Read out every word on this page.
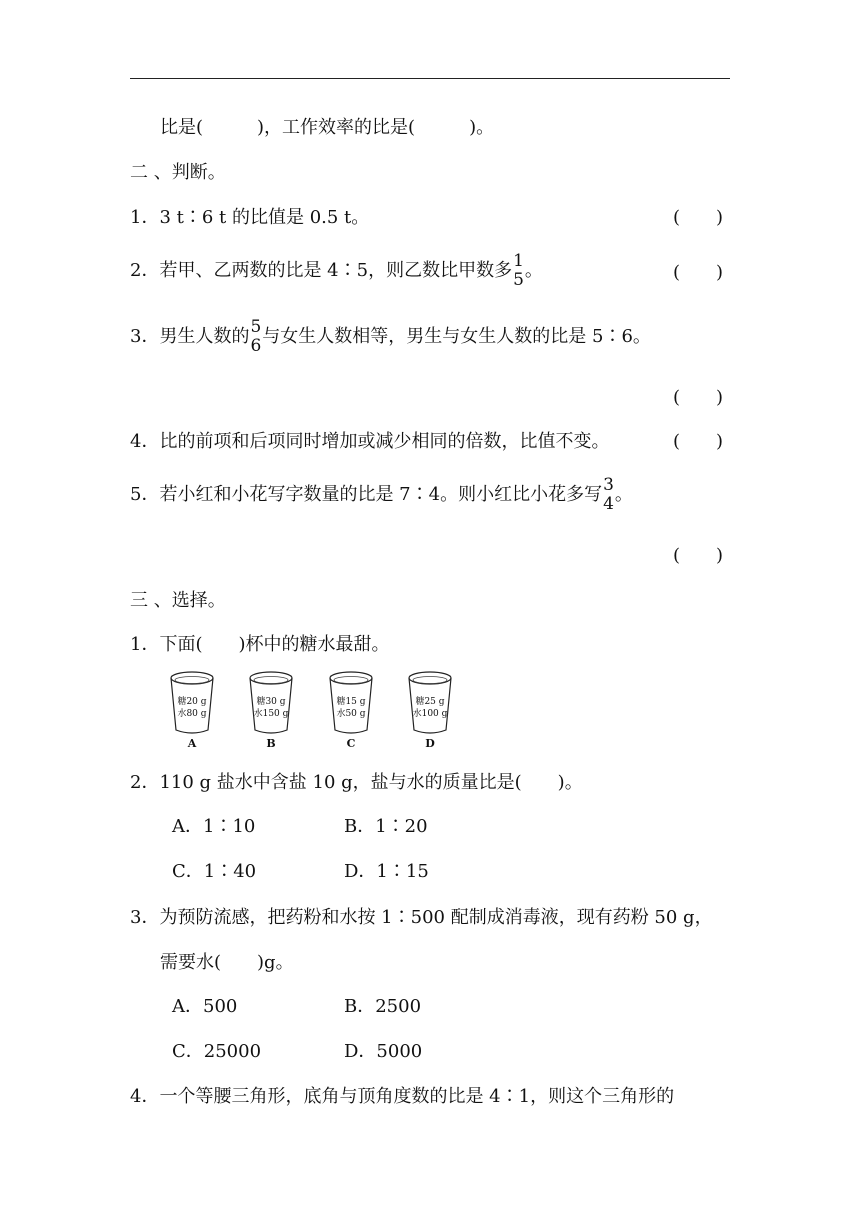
比是(　　　)，工作效率的比是(　　　)。
二 、判断。
1．3 t∶6 t 的比值是 0.5 t。	(　　)
2．若甲、乙两数的比是 4∶5，则乙数比甲数多 1
5 。	(　　)
3．男生人数的 5
6 与女生人数相等，男生与女生人数的比是 5∶6。
(　　)
4．比的前项和后项同时增加或减少相同的倍数，比值不变。	(　　)
5．若小红和小花写字数量的比是 7∶4。则小红比小花多写 3
4 。
(　　)
三 、选择。
1．下面(　　)杯中的糖水最甜。
糖20 g
水80 g
A
糖30 g
水150 g
B
糖15 g
水50 g
C
糖25 g
水100 g
D
2．110 g 盐水中含盐 10 g，盐与水的质量比是(　　)。
A．1∶10	B．1∶20
C．1∶40	D．1∶15
3．为预防流感，把药粉和水按 1∶500 配制成消毒液，现有药粉 50 g，
需要水(　　)g。
A．500	B．2500
C．25000	D．5000
4．一个等腰三角形，底角与顶角度数的比是 4∶1，则这个三角形的
